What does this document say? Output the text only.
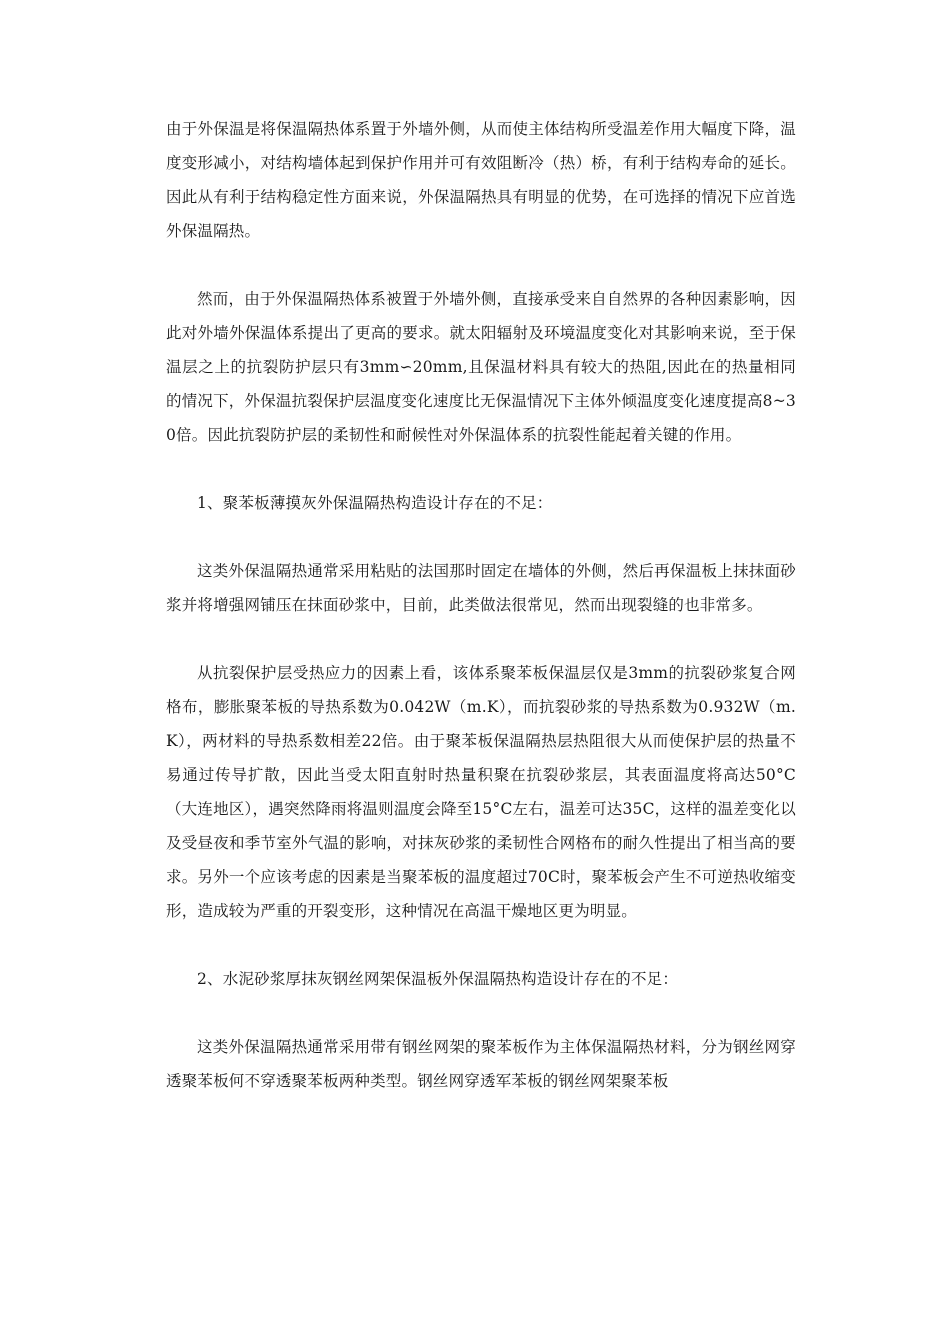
由于外保温是将保温隔热体系置于外墙外侧，从而使主体结构所受温差作用大幅度下降，温度变形减小，对结构墙体起到保护作用并可有效阻断冷（热）桥，有利于结构寿命的延长。因此从有利于结构稳定性方面来说，外保温隔热具有明显的优势，在可选择的情况下应首选外保温隔热。

然而，由于外保温隔热体系被置于外墙外侧，直接承受来自自然界的各种因素影响，因此对外墙外保温体系提出了更高的要求。就太阳辐射及环境温度变化对其影响来说，至于保温层之上的抗裂防护层只有3mm∽20mm,且保温材料具有较大的热阻,因此在的热量相同的情况下，外保温抗裂保护层温度变化速度比无保温情况下主体外倾温度变化速度提高8~30倍。因此抗裂防护层的柔韧性和耐候性对外保温体系的抗裂性能起着关键的作用。

1、聚苯板薄摸灰外保温隔热构造设计存在的不足：

这类外保温隔热通常采用粘贴的法国那时固定在墙体的外侧，然后再保温板上抹抹面砂浆并将增强网铺压在抹面砂浆中，目前，此类做法很常见，然而出现裂缝的也非常多。

从抗裂保护层受热应力的因素上看，该体系聚苯板保温层仅是3mm的抗裂砂浆复合网格布，膨胀聚苯板的导热系数为0.042W（m.K），而抗裂砂浆的导热系数为0.932W（m.K），两材料的导热系数相差22倍。由于聚苯板保温隔热层热阻很大从而使保护层的热量不易通过传导扩散，因此当受太阳直射时热量积聚在抗裂砂浆层，其表面温度将高达50°C（大连地区），遇突然降雨将温则温度会降至15°C左右，温差可达35C，这样的温差变化以及受昼夜和季节室外气温的影响，对抹灰砂浆的柔韧性合网格布的耐久性提出了相当高的要求。另外一个应该考虑的因素是当聚苯板的温度超过70C时，聚苯板会产生不可逆热收缩变形，造成较为严重的开裂变形，这种情况在高温干燥地区更为明显。

2、水泥砂浆厚抹灰钢丝网架保温板外保温隔热构造设计存在的不足：

这类外保温隔热通常采用带有钢丝网架的聚苯板作为主体保温隔热材料，分为钢丝网穿透聚苯板何不穿透聚苯板两种类型。钢丝网穿透军苯板的钢丝网架聚苯板
